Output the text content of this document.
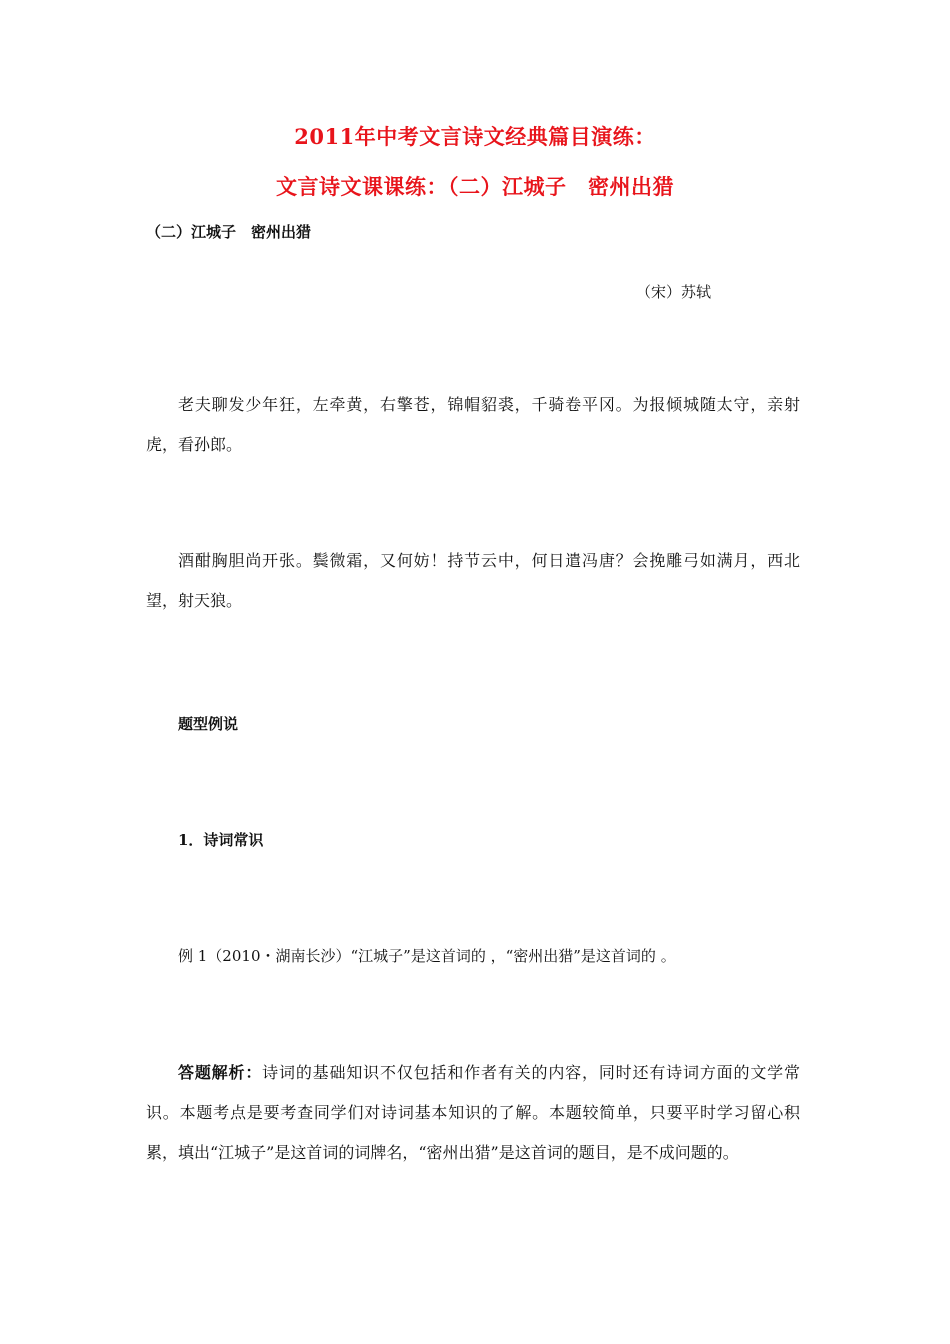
2011年中考文言诗文经典篇目演练：
文言诗文课课练：（二）江城子　密州出猎
（二）江城子　密州出猎
（宋）苏轼

老夫聊发少年狂，左牵黄，右擎苍，锦帽貂裘，千骑卷平冈。为报倾城随太守，亲射虎，看孙郎。

酒酣胸胆尚开张。鬓微霜，又何妨！持节云中，何日遣冯唐？会挽雕弓如满月，西北望，射天狼。

题型例说
1．诗词常识
例 1（2010・湖南长沙）“江城子”是这首词的 ，“密州出猎”是这首词的 。

答题解析：诗词的基础知识不仅包括和作者有关的内容，同时还有诗词方面的文学常识。本题考点是要考查同学们对诗词基本知识的了解。本题较简单，只要平时学习留心积累，填出“江城子”是这首词的词牌名，“密州出猎”是这首词的题目，是不成问题的。
